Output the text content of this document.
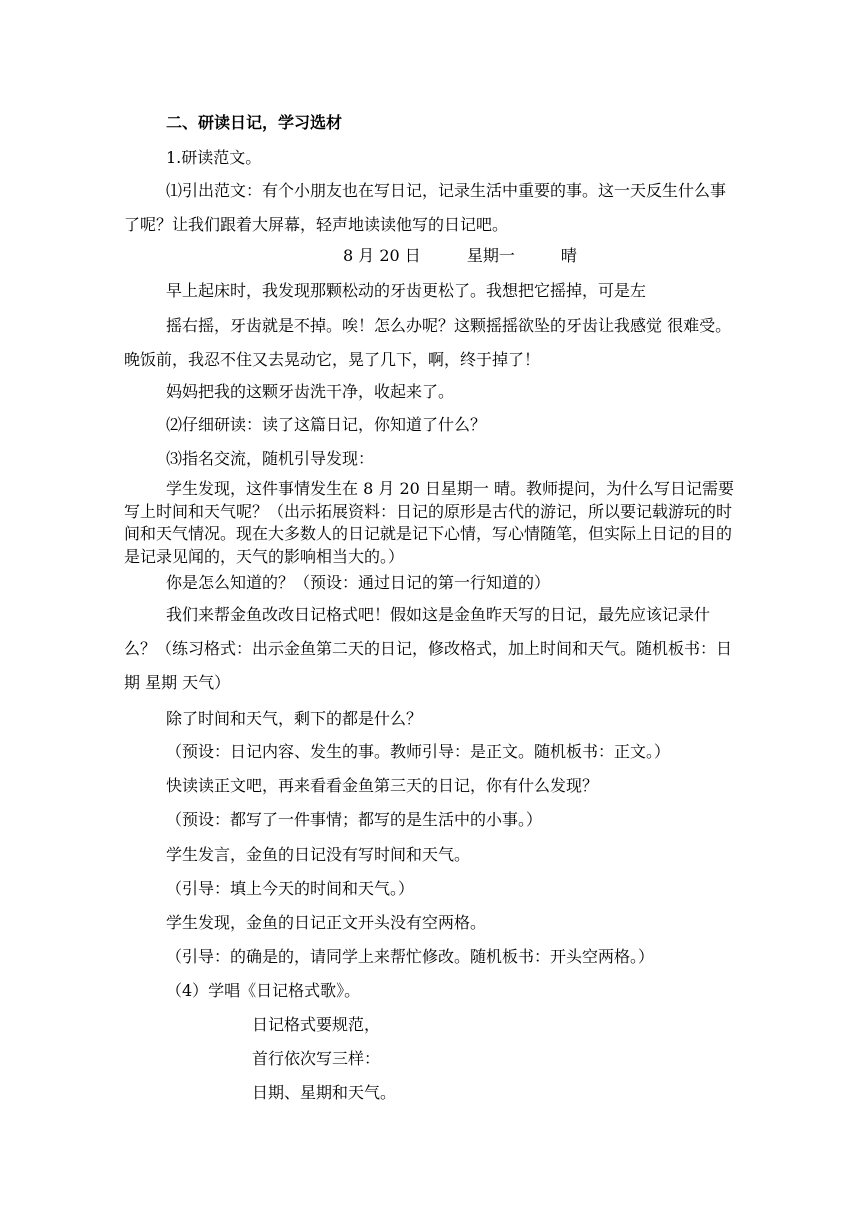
二、研读日记，学习选材
1.研读范文。
⑴引出范文：有个小朋友也在写日记，记录生活中重要的事。这一天反生什么事了呢？让我们跟着大屏幕，轻声地读读他写的日记吧。
8 月 20 日	星期一	晴
早上起床时，我发现那颗松动的牙齿更松了。我想把它摇掉，可是左
摇右摇，牙齿就是不掉。唉！怎么办呢？这颗摇摇欲坠的牙齿让我感觉 很难受。晚饭前，我忍不住又去晃动它，晃了几下，啊，终于掉了！
妈妈把我的这颗牙齿洗干净，收起来了。
⑵仔细研读：读了这篇日记，你知道了什么？
⑶指名交流，随机引导发现：
学生发现，这件事情发生在 8 月 20 日星期一 晴。教师提问，为什么写日记需要写上时间和天气呢？（出示拓展资料：日记的原形是古代的游记，所以要记载游玩的时间和天气情况。现在大多数人的日记就是记下心情，写心情随笔，但实际上日记的目的是记录见闻的，天气的影响相当大的。）
你是怎么知道的？（预设：通过日记的第一行知道的）
我们来帮金鱼改改日记格式吧！假如这是金鱼昨天写的日记，最先应该记录什么？（练习格式：出示金鱼第二天的日记，修改格式，加上时间和天气。随机板书：日期 星期 天气）
除了时间和天气，剩下的都是什么？
（预设：日记内容、发生的事。教师引导：是正文。随机板书：正文。）
快读读正文吧，再来看看金鱼第三天的日记，你有什么发现？
（预设：都写了一件事情；都写的是生活中的小事。）
学生发言，金鱼的日记没有写时间和天气。
（引导：填上今天的时间和天气。）
学生发现，金鱼的日记正文开头没有空两格。
（引导：的确是的，请同学上来帮忙修改。随机板书：开头空两格。）
（4）学唱《日记格式歌》。
日记格式要规范，
首行依次写三样：
日期、星期和天气。
